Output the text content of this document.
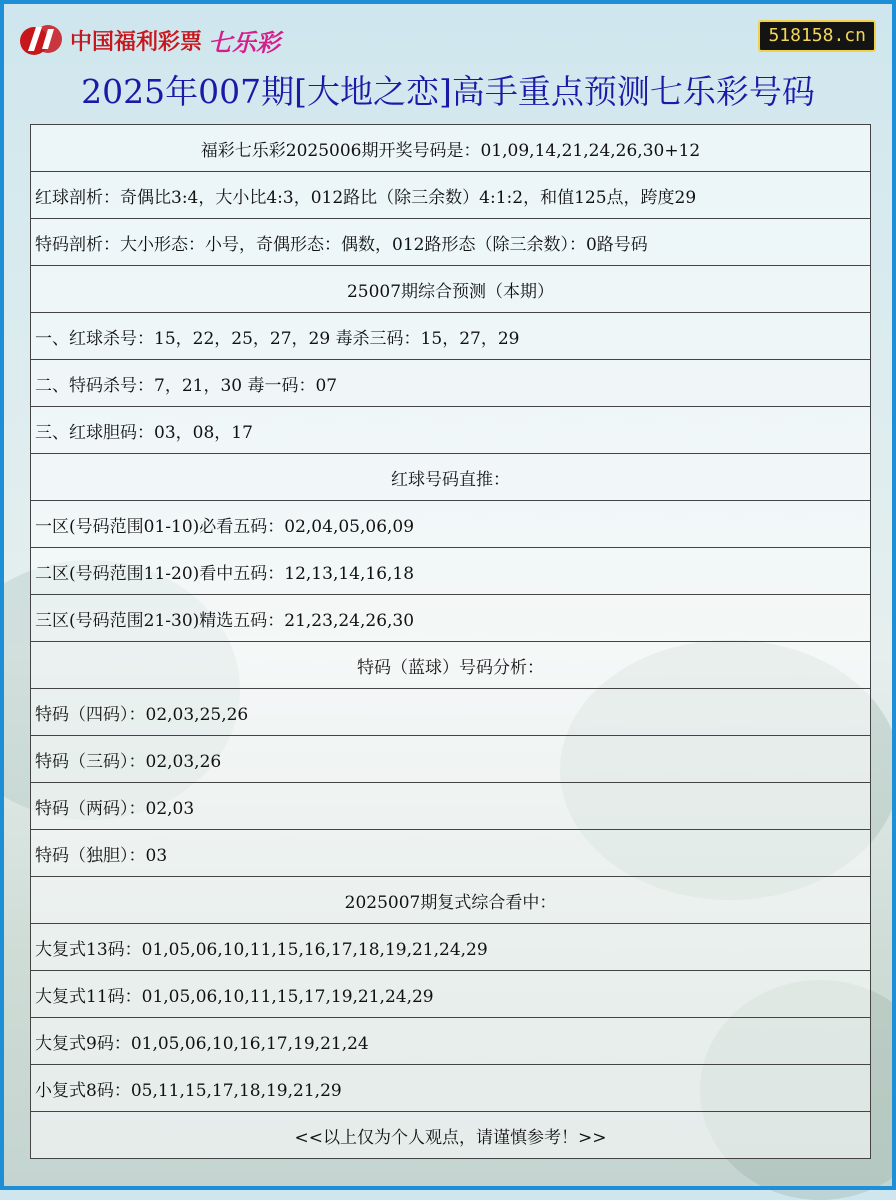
中国福利彩票 七乐彩	518158.cn
2025年007期[大地之恋]高手重点预测七乐彩号码
福彩七乐彩2025006期开奖号码是：01,09,14,21,24,26,30+12
红球剖析：奇偶比3:4，大小比4:3，012路比（除三余数）4:1:2，和值125点，跨度29
特码剖析：大小形态：小号，奇偶形态：偶数，012路形态（除三余数）：0路号码
25007期综合预测（本期）
一、红球杀号：15，22，25，27，29 毒杀三码：15，27，29
二、特码杀号：7，21，30 毒一码：07
三、红球胆码：03，08，17
红球号码直推：
一区(号码范围01-10)必看五码：02,04,05,06,09
二区(号码范围11-20)看中五码：12,13,14,16,18
三区(号码范围21-30)精选五码：21,23,24,26,30
特码（蓝球）号码分析：
特码（四码）：02,03,25,26
特码（三码）：02,03,26
特码（两码）：02,03
特码（独胆）：03
2025007期复式综合看中：
大复式13码：01,05,06,10,11,15,16,17,18,19,21,24,29
大复式11码：01,05,06,10,11,15,17,19,21,24,29
大复式9码：01,05,06,10,16,17,19,21,24
小复式8码：05,11,15,17,18,19,21,29
<<以上仅为个人观点，请谨慎参考！>>
